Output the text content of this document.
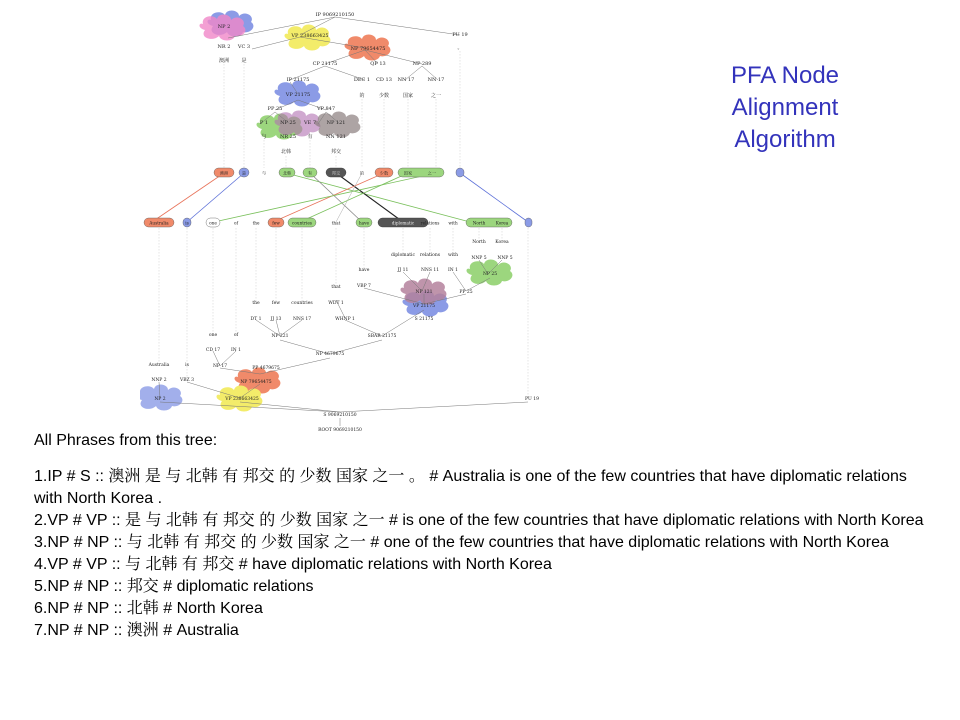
IP 9069210150
NP 2
VP 238663425	PU 19
。
NR 2 VC 3	NP 79654475
澳洲 是	CP 21175	QP 13	NP 289
IP 21175	DEC 1 CD 13 NN 17	NN 17
VP 21175	的	少数	国家	之一
PP 25	VP 847
P 1 NP 25 VE 7 NP 121
与	NR 25 有	NN 121
北韩	邦交
澳洲	是	与	北韩	有	邦交	的	少数	国家	之一
Australia	is	one	of	the	few	countries	that	have	diplomatic relations with	North Korea
North Korea
NNP 5 NNP 5
diplomatic relations with
JJ 11	NNS 11 IN 1
NP 25
have
VBP 7
NP 121	PP 25
that
VP 21175
the	few countries	WDT 1
DT 1 JJ 13	NNS 17	WHNP 1	S 21175
one	of	NP 221	SBAR 21175
CD 17 IN 1
NP 4679675
NP 17	PP 4679675
Australia	is
NNP 2	VBZ 3	NP 79654475
NP 2	VP 238663425	PU 19
S 9069210150
ROOT 9069210150
PFA Node
Alignment
Algorithm
All Phrases from this tree:
1.IP # S :: 澳洲 是 与 北韩 有 邦交 的 少数 国家 之一 。 # Australia is one of the few countries that have diplomatic relations with North Korea .
2.VP # VP :: 是 与 北韩 有 邦交 的 少数 国家 之一 # is one of the few countries that have diplomatic relations with North Korea
3.NP # NP :: 与 北韩 有 邦交 的 少数 国家 之一 # one of the few countries that have diplomatic relations with North Korea
4.VP # VP :: 与 北韩 有 邦交 # have diplomatic relations with North Korea
5.NP # NP :: 邦交 # diplomatic relations
6.NP # NP :: 北韩 # North Korea
7.NP # NP :: 澳洲 # Australia
